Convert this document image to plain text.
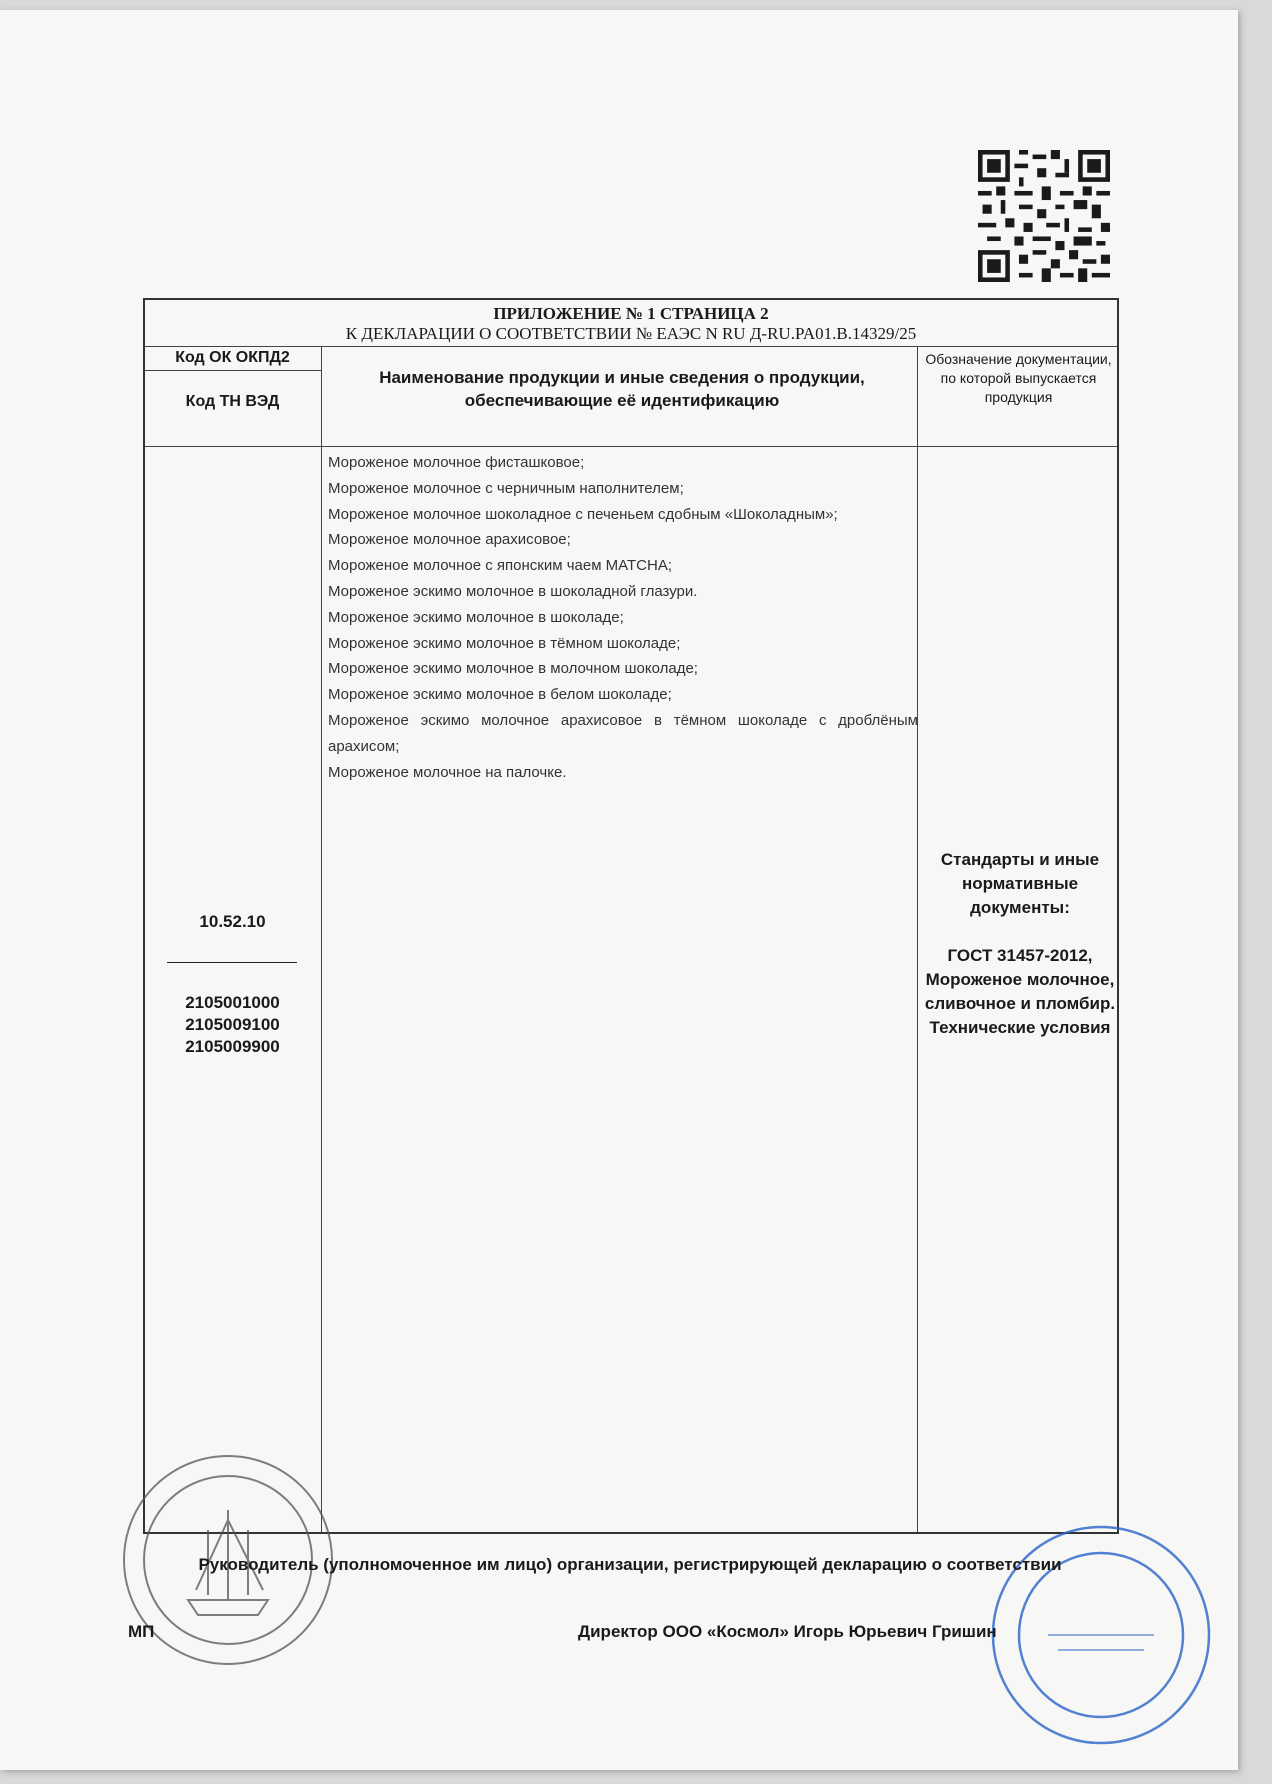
ПРИЛОЖЕНИЕ № 1 СТРАНИЦА 2
К ДЕКЛАРАЦИИ О СООТВЕТСТВИИ № ЕАЭС N RU Д-RU.PA01.B.14329/25
Код ОК ОКПД2
Код ТН ВЭД
Наименование продукции и иные сведения о продукции, обеспечивающие её идентификацию
Обозначение документации, по которой выпускается продукция
Мороженое молочное фисташковое;
Мороженое молочное с черничным наполнителем;
Мороженое молочное шоколадное с печеньем сдобным «Шоколадным»;
Мороженое молочное арахисовое;
Мороженое молочное с японским чаем МАТСНА;
Мороженое эскимо молочное в шоколадной глазури.
Мороженое эскимо молочное в шоколаде;
Мороженое эскимо молочное в тёмном шоколаде;
Мороженое эскимо молочное в молочном шоколаде;
Мороженое эскимо молочное в белом шоколаде;
Мороженое эскимо молочное арахисовое в тёмном шоколаде с дроблёным арахисом;
Мороженое молочное на палочке.
10.52.10
2105001000
2105009100
2105009900
Стандарты и иные нормативные документы:
ГОСТ 31457-2012, Мороженое молочное, сливочное и пломбир. Технические условия
Руководитель (уполномоченное им лицо) организации, регистрирующей декларацию о соответствии
МП	Директор ООО «Космол» Игорь Юрьевич Гришин
